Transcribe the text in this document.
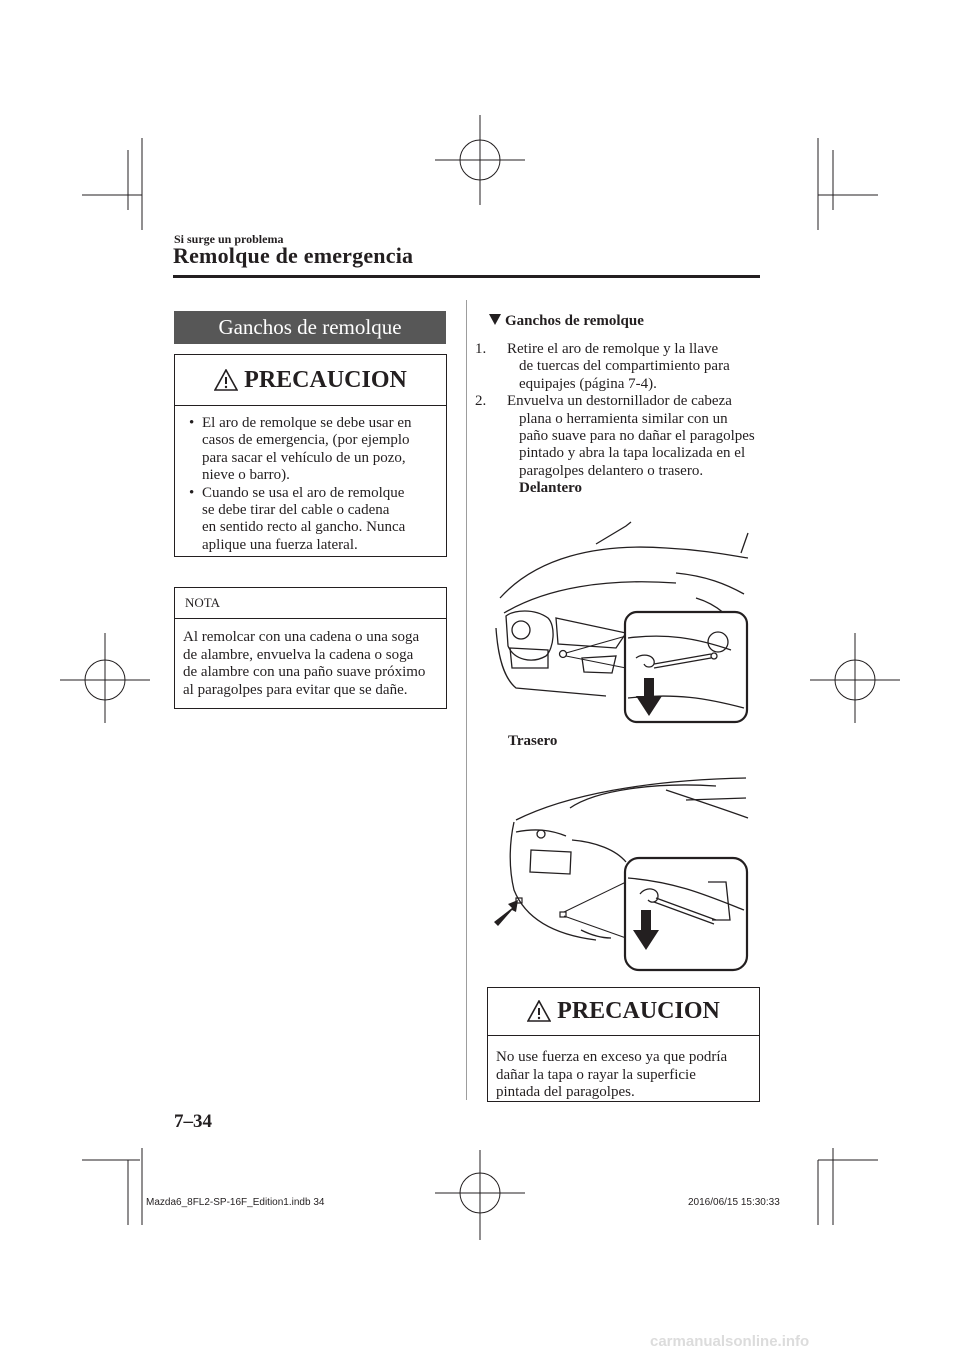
Si surge un problema
Remolque de emergencia
Ganchos de remolque
PRECAUCION
• El aro de remolque se debe usar en
casos de emergencia, (por ejemplo
para sacar el vehículo de un pozo,
nieve o barro).
• Cuando se usa el aro de remolque
se debe tirar del cable o cadena
en sentido recto al gancho. Nunca
aplique una fuerza lateral.
NOTA
Al remolcar con una cadena o una soga
de alambre, envuelva la cadena o soga
de alambre con una paño suave próximo
al paragolpes para evitar que se dañe.
Ganchos de remolque
1. Retire el aro de remolque y la llave
de tuercas del compartimiento para
equipajes (página 7-4).
2. Envuelva un destornillador de cabeza
plana o herramienta similar con un
paño suave para no dañar el paragolpes
pintado y abra la tapa localizada en el
paragolpes delantero o trasero.
Delantero
Trasero
PRECAUCION
No use fuerza en exceso ya que podría
dañar la tapa o rayar la superficie
pintada del paragolpes.
7–34
Mazda6_8FL2-SP-16F_Edition1.indb 34	2016/06/15 15:30:33
carmanualsonline.info
